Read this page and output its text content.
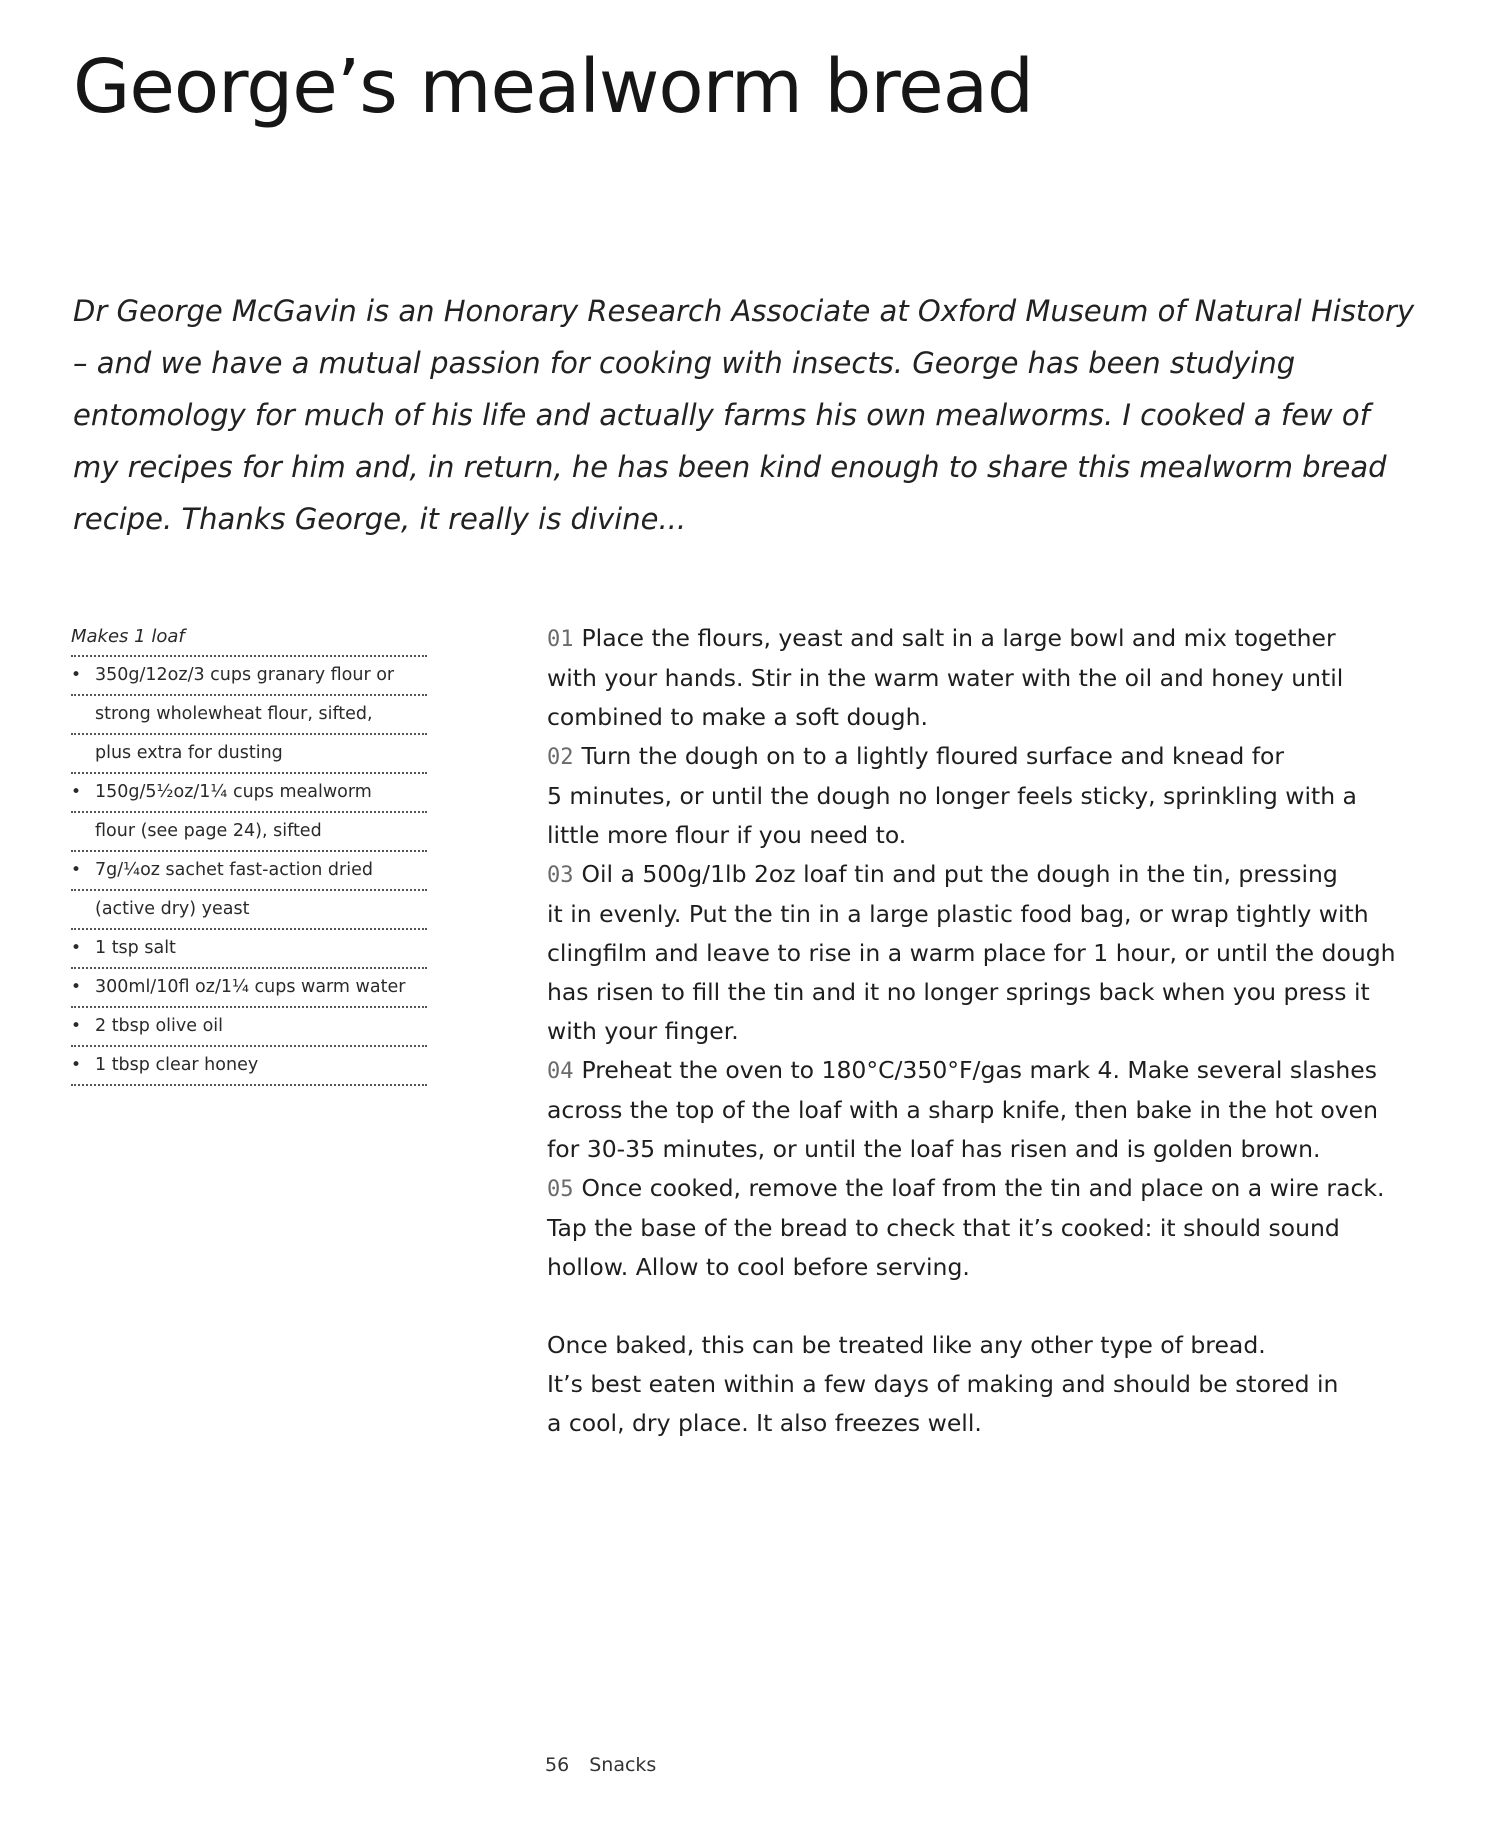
George’s mealworm bread

Dr George McGavin is an Honorary Research Associate at Oxford Museum of Natural History
– and we have a mutual passion for cooking with insects. George has been studying
entomology for much of his life and actually farms his own mealworms. I cooked a few of
my recipes for him and, in return, he has been kind enough to share this mealworm bread
recipe. Thanks George, it really is divine...

Makes 1 loaf
• 350g/12oz/3 cups granary flour or
strong wholewheat flour, sifted,
plus extra for dusting
• 150g/5½oz/1¼ cups mealworm
flour (see page 24), sifted
• 7g/¼oz sachet fast-action dried
(active dry) yeast
• 1 tsp salt
• 300ml/10fl oz/1¼ cups warm water
• 2 tbsp olive oil
• 1 tbsp clear honey
01 Place the flours, yeast and salt in a large bowl and mix together
with your hands. Stir in the warm water with the oil and honey until
combined to make a soft dough.
02 Turn the dough on to a lightly floured surface and knead for
5 minutes, or until the dough no longer feels sticky, sprinkling with a
little more flour if you need to.
03 Oil a 500g/1lb 2oz loaf tin and put the dough in the tin, pressing
it in evenly. Put the tin in a large plastic food bag, or wrap tightly with
clingfilm and leave to rise in a warm place for 1 hour, or until the dough
has risen to fill the tin and it no longer springs back when you press it
with your finger.
04 Preheat the oven to 180°C/350°F/gas mark 4. Make several slashes
across the top of the loaf with a sharp knife, then bake in the hot oven
for 30-35 minutes, or until the loaf has risen and is golden brown.
05 Once cooked, remove the loaf from the tin and place on a wire rack.
Tap the base of the bread to check that it’s cooked: it should sound
hollow. Allow to cool before serving.
Once baked, this can be treated like any other type of bread.
It’s best eaten within a few days of making and should be stored in
a cool, dry place. It also freezes well.
56 Snacks
